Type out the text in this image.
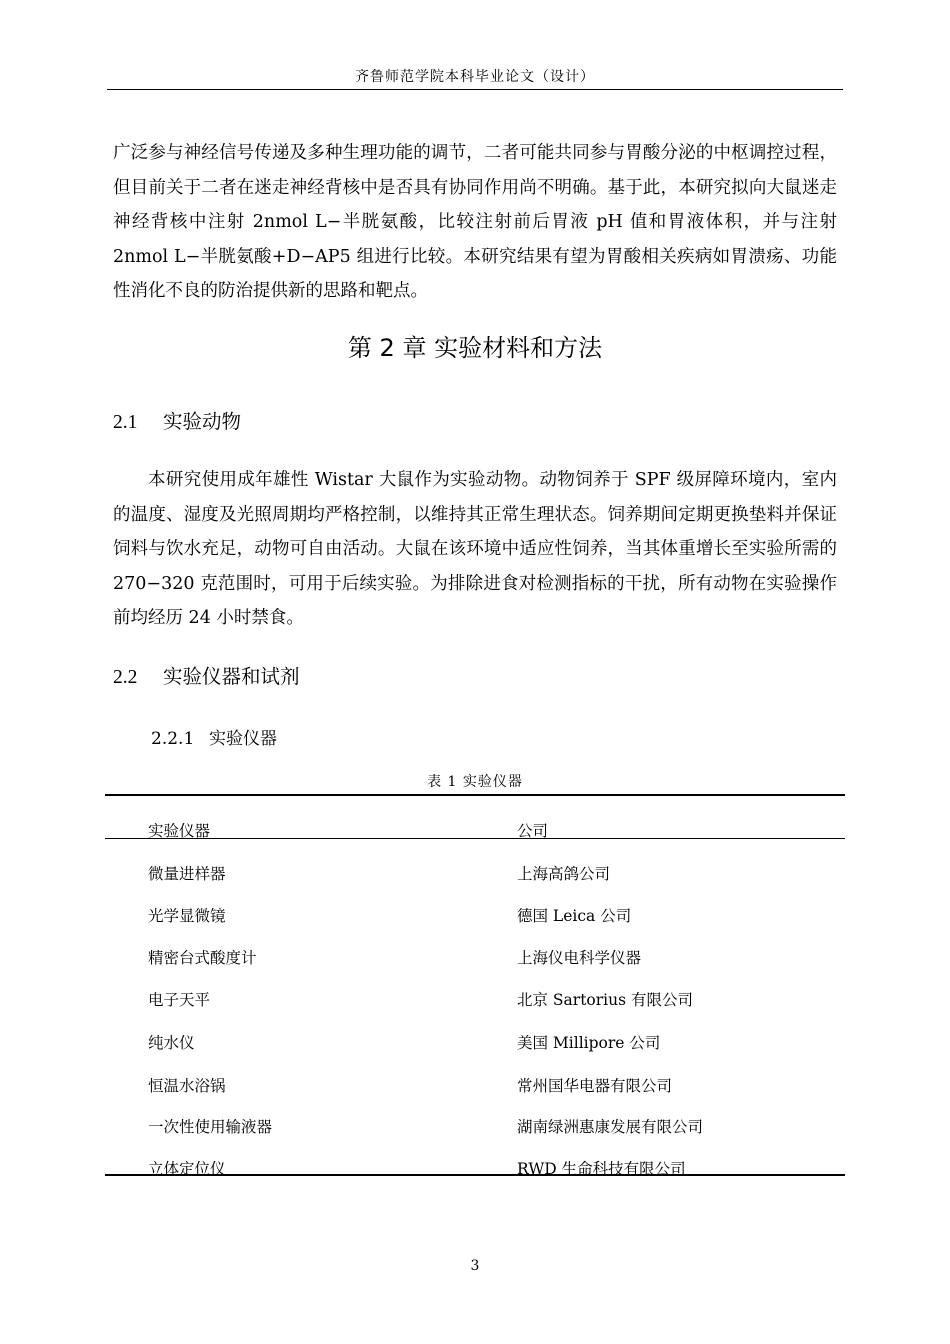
齐鲁师范学院本科毕业论文（设计）

广泛参与神经信号传递及多种生理功能的调节，二者可能共同参与胃酸分泌的中枢调控过程，但目前关于二者在迷走神经背核中是否具有协同作用尚不明确。基于此，本研究拟向大鼠迷走神经背核中注射 2nmol L−半胱氨酸，比较注射前后胃液 pH 值和胃液体积，并与注射 2nmol L−半胱氨酸+D−AP5 组进行比较。本研究结果有望为胃酸相关疾病如胃溃疡、功能性消化不良的防治提供新的思路和靶点。

第 2 章 实验材料和方法
2.1 实验动物

本研究使用成年雄性 Wistar 大鼠作为实验动物。动物饲养于 SPF 级屏障环境内，室内的温度、湿度及光照周期均严格控制，以维持其正常生理状态。饲养期间定期更换垫料并保证饲料与饮水充足，动物可自由活动。大鼠在该环境中适应性饲养，当其体重增长至实验所需的 270−320 克范围时，可用于后续实验。为排除进食对检测指标的干扰，所有动物在实验操作前均经历 24 小时禁食。

2.2 实验仪器和试剂
2.2.1 实验仪器
表 1 实验仪器
实验仪器	公司
微量进样器	上海高鸽公司
光学显微镜	德国 Leica 公司
精密台式酸度计	上海仪电科学仪器
电子天平	北京 Sartorius 有限公司
纯水仪	美国 Millipore 公司
恒温水浴锅	常州国华电器有限公司
一次性使用输液器	湖南绿洲惠康发展有限公司
立体定位仪	RWD 生命科技有限公司
3
